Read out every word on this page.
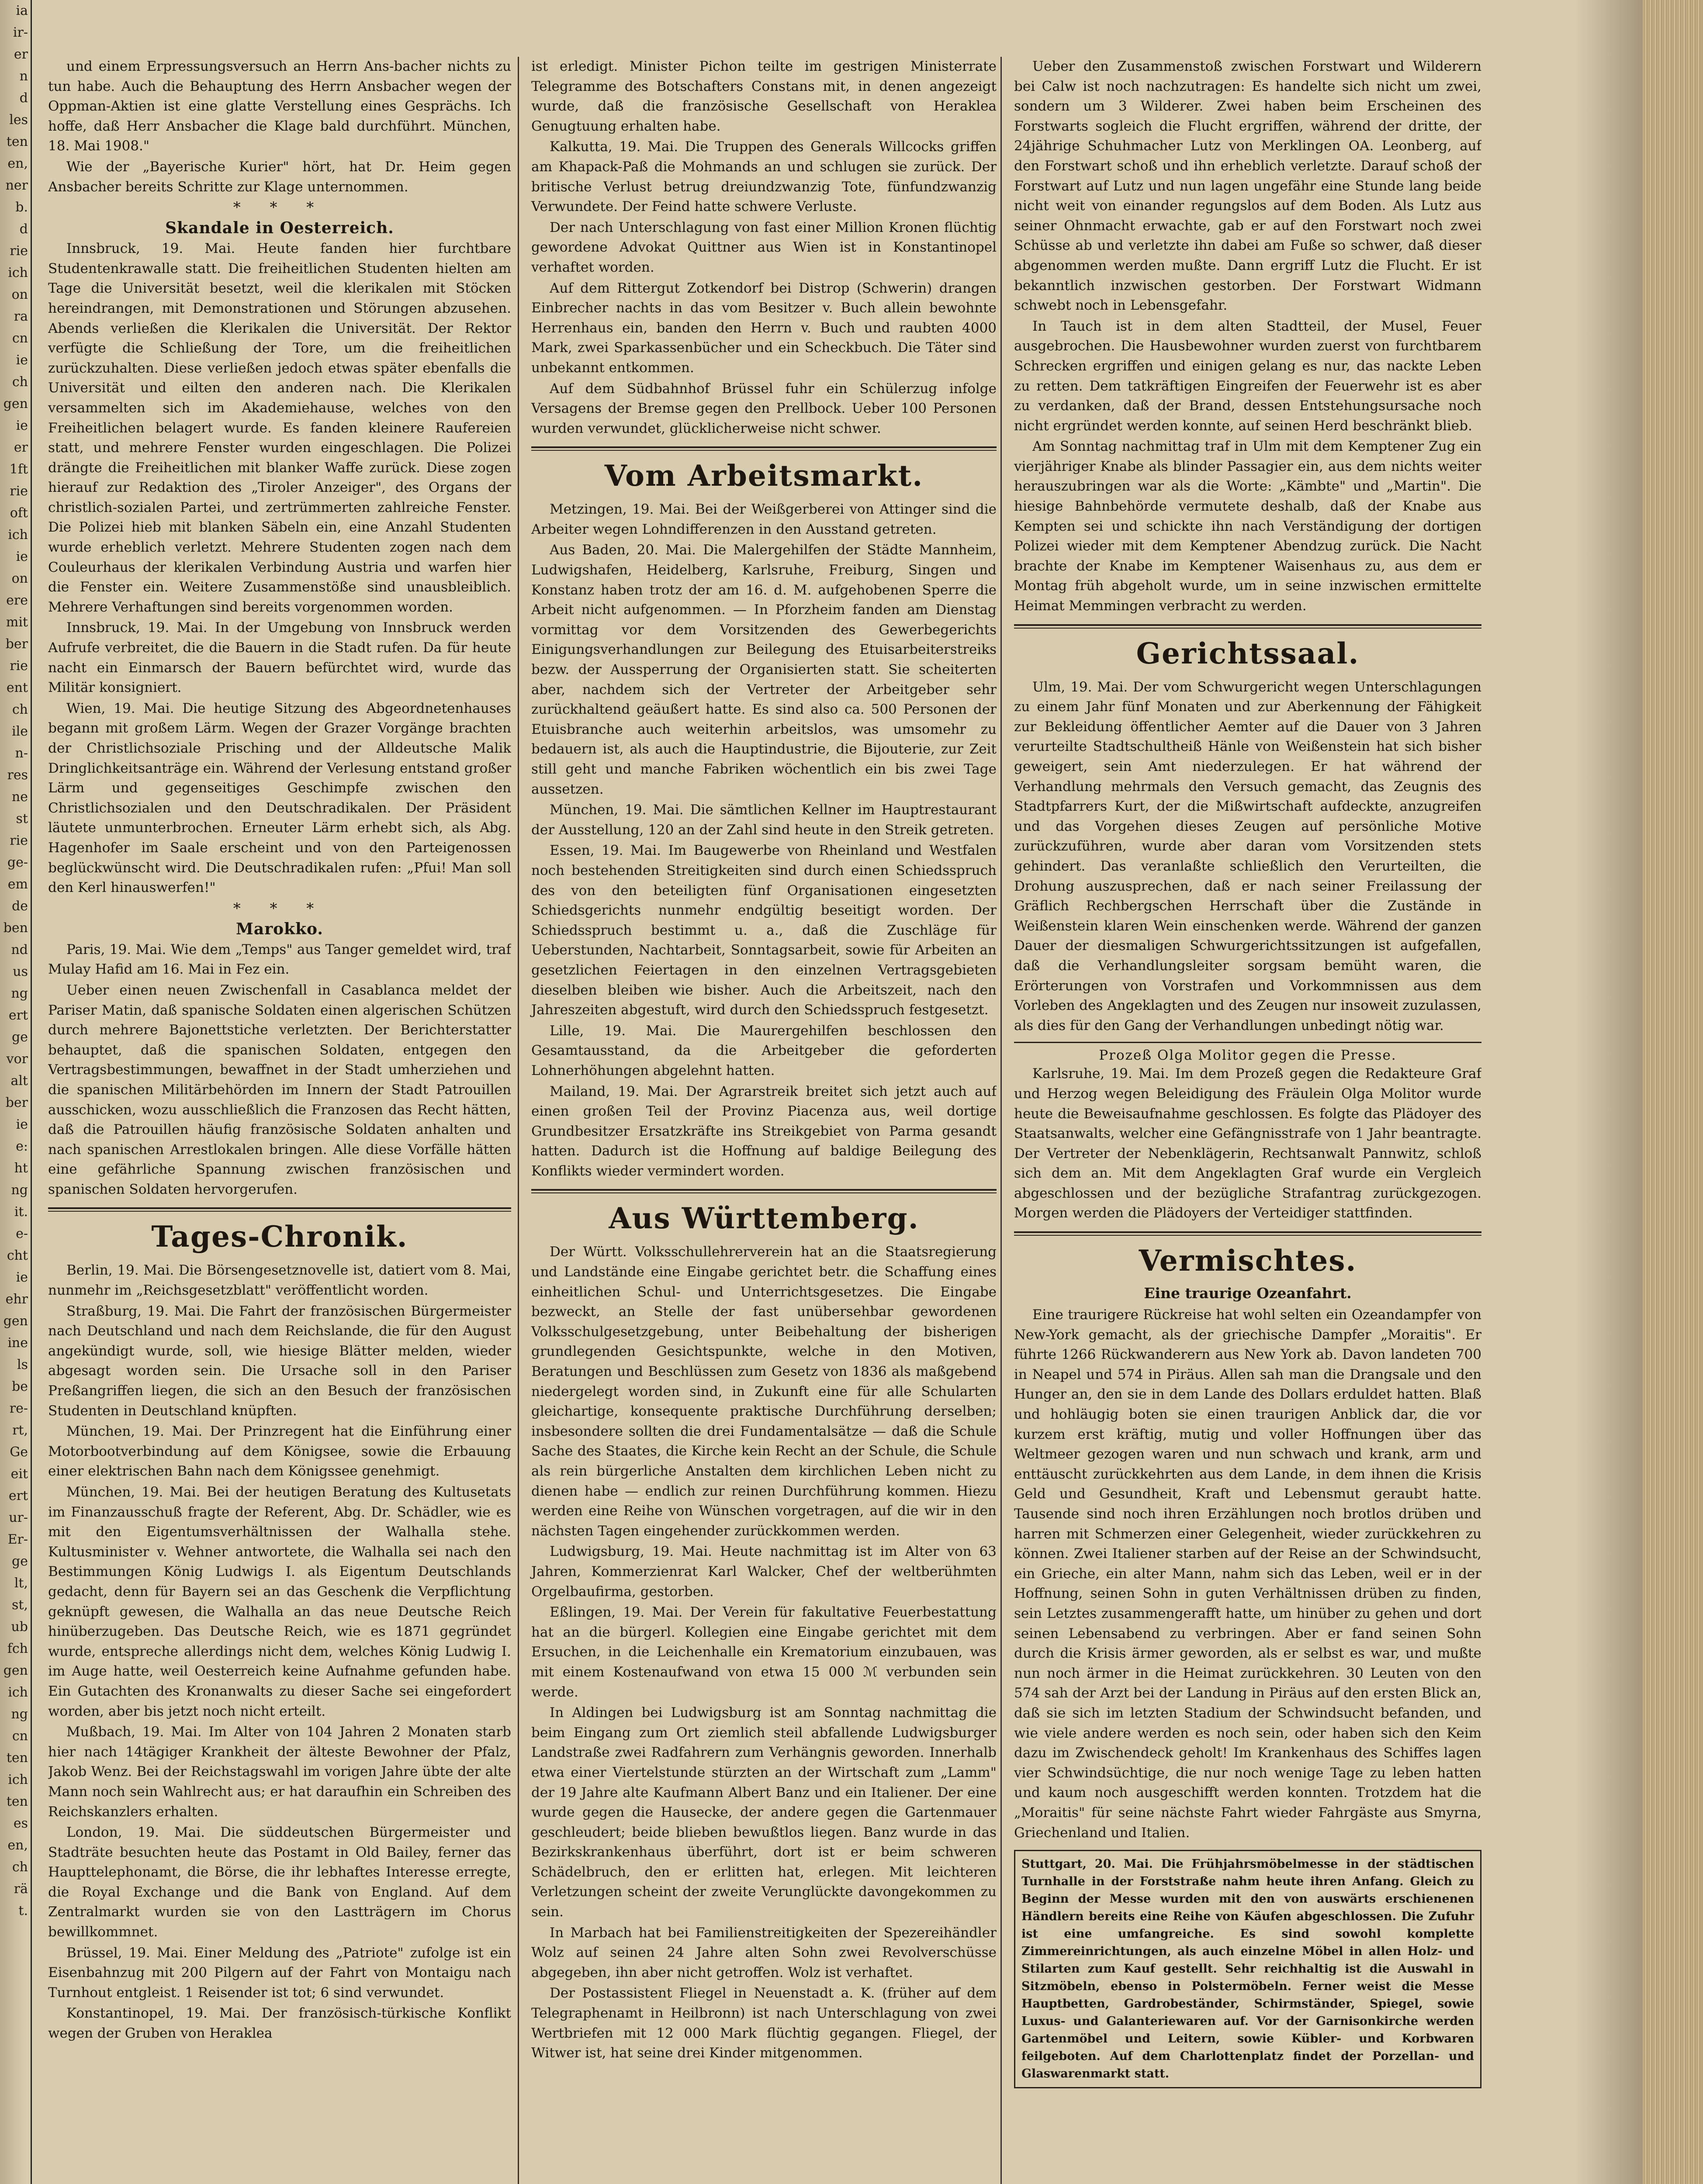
ia

ir-

er

n

d

les

ten

en,

ner

b.

d

rie

ich

on

ra

cn

ie

ch

gen

ie

er

1ft

rie

oft

ich

ie

on

ere

mit

ber

rie

ent

ch

ile

n-

res

ne

st

rie

ge-

em

de

ben

nd

us

ng

ert

ge

vor

alt

ber

ie

e:

ht

ng

it.

e-

cht

ie

ehr

gen

ine

ls

be

re-

rt,

Ge

eit

ert

ur-

Er-

ge

lt,

st,

ub

fch

gen

ich

ng

cn

ten

ich

ten

es

en,

ch

rä

t.

und einem Erpressungsversuch an Herrn Ans-bacher nichts zu tun habe. Auch die Behauptung des Herrn Ansbacher wegen der Oppman-Aktien ist eine glatte Verstellung eines Gesprächs. Ich hoffe, daß Herr Ansbacher die Klage bald durchführt. München, 18. Mai 1908."

Wie der „Bayerische Kurier" hört, hat Dr. Heim gegen Ansbacher bereits Schritte zur Klage unternommen.

* * *
Skandale in Oesterreich.

Innsbruck, 19. Mai. Heute fanden hier furchtbare Studentenkrawalle statt. Die freiheitlichen Studenten hielten am Tage die Universität besetzt, weil die klerikalen mit Stöcken hereindrangen, mit Demonstrationen und Störungen abzusehen. Abends verließen die Klerikalen die Universität. Der Rektor verfügte die Schließung der Tore, um die freiheitlichen zurückzuhalten. Diese verließen jedoch etwas später ebenfalls die Universität und eilten den anderen nach. Die Klerikalen versammelten sich im Akademiehause, welches von den Freiheitlichen belagert wurde. Es fanden kleinere Raufereien statt, und mehrere Fenster wurden eingeschlagen. Die Polizei drängte die Freiheitlichen mit blanker Waffe zurück. Diese zogen hierauf zur Redaktion des „Tiroler Anzeiger", des Organs der christlich-sozialen Partei, und zertrümmerten zahlreiche Fenster. Die Polizei hieb mit blanken Säbeln ein, eine Anzahl Studenten wurde erheblich verletzt. Mehrere Studenten zogen nach dem Couleurhaus der klerikalen Verbindung Austria und warfen hier die Fenster ein. Weitere Zusammenstöße sind unausbleiblich. Mehrere Verhaftungen sind bereits vorgenommen worden.

Innsbruck, 19. Mai. In der Umgebung von Innsbruck werden Aufrufe verbreitet, die die Bauern in die Stadt rufen. Da für heute nacht ein Einmarsch der Bauern befürchtet wird, wurde das Militär konsigniert.

Wien, 19. Mai. Die heutige Sitzung des Abgeordnetenhauses begann mit großem Lärm. Wegen der Grazer Vorgänge brachten der Christlichsoziale Prisching und der Alldeutsche Malik Dringlichkeitsanträge ein. Während der Verlesung entstand großer Lärm und gegenseitiges Geschimpfe zwischen den Christlichsozialen und den Deutschradikalen. Der Präsident läutete unmunterbrochen. Erneuter Lärm erhebt sich, als Abg. Hagenhofer im Saale erscheint und von den Parteigenossen beglückwünscht wird. Die Deutschradikalen rufen: „Pfui! Man soll den Kerl hinauswerfen!"

* * *
Marokko.

Paris, 19. Mai. Wie dem „Temps" aus Tanger gemeldet wird, traf Mulay Hafid am 16. Mai in Fez ein.

Ueber einen neuen Zwischenfall in Casablanca meldet der Pariser Matin, daß spanische Soldaten einen algerischen Schützen durch mehrere Bajonettstiche verletzten. Der Berichterstatter behauptet, daß die spanischen Soldaten, entgegen den Vertragsbestimmungen, bewaffnet in der Stadt umherziehen und die spanischen Militärbehörden im Innern der Stadt Patrouillen ausschicken, wozu ausschließlich die Franzosen das Recht hätten, daß die Patrouillen häufig französische Soldaten anhalten und nach spanischen Arrestlokalen bringen. Alle diese Vorfälle hätten eine gefährliche Spannung zwischen französischen und spanischen Soldaten hervorgerufen.

Tages-Chronik.

Berlin, 19. Mai. Die Börsengesetznovelle ist, datiert vom 8. Mai, nunmehr im „Reichsgesetzblatt" veröffentlicht worden.

Straßburg, 19. Mai. Die Fahrt der französischen Bürgermeister nach Deutschland und nach dem Reichslande, die für den August angekündigt wurde, soll, wie hiesige Blätter melden, wieder abgesagt worden sein. Die Ursache soll in den Pariser Preßangriffen liegen, die sich an den Besuch der französischen Studenten in Deutschland knüpften.

München, 19. Mai. Der Prinzregent hat die Einführung einer Motorbootverbindung auf dem Königsee, sowie die Erbauung einer elektrischen Bahn nach dem Königssee genehmigt.

München, 19. Mai. Bei der heutigen Beratung des Kultusetats im Finanzausschuß fragte der Referent, Abg. Dr. Schädler, wie es mit den Eigentumsverhältnissen der Walhalla stehe. Kultusminister v. Wehner antwortete, die Walhalla sei nach den Bestimmungen König Ludwigs I. als Eigentum Deutschlands gedacht, denn für Bayern sei an das Geschenk die Verpflichtung geknüpft gewesen, die Walhalla an das neue Deutsche Reich hinüberzugeben. Das Deutsche Reich, wie es 1871 gegründet wurde, entspreche allerdings nicht dem, welches König Ludwig I. im Auge hatte, weil Oesterreich keine Aufnahme gefunden habe. Ein Gutachten des Kronanwalts zu dieser Sache sei eingefordert worden, aber bis jetzt noch nicht erteilt.

Mußbach, 19. Mai. Im Alter von 104 Jahren 2 Monaten starb hier nach 14tägiger Krankheit der älteste Bewohner der Pfalz, Jakob Wenz. Bei der Reichstagswahl im vorigen Jahre übte der alte Mann noch sein Wahlrecht aus; er hat daraufhin ein Schreiben des Reichskanzlers erhalten.

London, 19. Mai. Die süddeutschen Bürgermeister und Stadträte besuchten heute das Postamt in Old Bailey, ferner das Haupttelephonamt, die Börse, die ihr lebhaftes Interesse erregte, die Royal Exchange und die Bank von England. Auf dem Zentralmarkt wurden sie von den Lastträgern im Chorus bewillkommnet.

Brüssel, 19. Mai. Einer Meldung des „Patriote" zufolge ist ein Eisenbahnzug mit 200 Pilgern auf der Fahrt von Montaigu nach Turnhout entgleist. 1 Reisender ist tot; 6 sind verwundet.

Konstantinopel, 19. Mai. Der französisch-türkische Konflikt wegen der Gruben von Heraklea

ist erledigt. Minister Pichon teilte im gestrigen Ministerrate Telegramme des Botschafters Constans mit, in denen angezeigt wurde, daß die französische Gesellschaft von Heraklea Genugtuung erhalten habe.

Kalkutta, 19. Mai. Die Truppen des Generals Willcocks griffen am Khapack-Paß die Mohmands an und schlugen sie zurück. Der britische Verlust betrug dreiundzwanzig Tote, fünfundzwanzig Verwundete. Der Feind hatte schwere Verluste.

Der nach Unterschlagung von fast einer Million Kronen flüchtig gewordene Advokat Quittner aus Wien ist in Konstantinopel verhaftet worden.

Auf dem Rittergut Zotkendorf bei Distrop (Schwerin) drangen Einbrecher nachts in das vom Besitzer v. Buch allein bewohnte Herrenhaus ein, banden den Herrn v. Buch und raubten 4000 Mark, zwei Sparkassenbücher und ein Scheckbuch. Die Täter sind unbekannt entkommen.

Auf dem Südbahnhof Brüssel fuhr ein Schülerzug infolge Versagens der Bremse gegen den Prellbock. Ueber 100 Personen wurden verwundet, glücklicherweise nicht schwer.

Vom Arbeitsmarkt.

Metzingen, 19. Mai. Bei der Weißgerberei von Attinger sind die Arbeiter wegen Lohndifferenzen in den Ausstand getreten.

Aus Baden, 20. Mai. Die Malergehilfen der Städte Mannheim, Ludwigshafen, Heidelberg, Karlsruhe, Freiburg, Singen und Konstanz haben trotz der am 16. d. M. aufgehobenen Sperre die Arbeit nicht aufgenommen. — In Pforzheim fanden am Dienstag vormittag vor dem Vorsitzenden des Gewerbegerichts Einigungsverhandlungen zur Beilegung des Etuisarbeiterstreiks bezw. der Aussperrung der Organisierten statt. Sie scheiterten aber, nachdem sich der Vertreter der Arbeitgeber sehr zurückhaltend geäußert hatte. Es sind also ca. 500 Personen der Etuisbranche auch weiterhin arbeitslos, was umsomehr zu bedauern ist, als auch die Hauptindustrie, die Bijouterie, zur Zeit still geht und manche Fabriken wöchentlich ein bis zwei Tage aussetzen.

München, 19. Mai. Die sämtlichen Kellner im Hauptrestaurant der Ausstellung, 120 an der Zahl sind heute in den Streik getreten.

Essen, 19. Mai. Im Baugewerbe von Rheinland und Westfalen noch bestehenden Streitigkeiten sind durch einen Schiedsspruch des von den beteiligten fünf Organisationen eingesetzten Schiedsgerichts nunmehr endgültig beseitigt worden. Der Schiedsspruch bestimmt u. a., daß die Zuschläge für Ueberstunden, Nachtarbeit, Sonntagsarbeit, sowie für Arbeiten an gesetzlichen Feiertagen in den einzelnen Vertragsgebieten dieselben bleiben wie bisher. Auch die Arbeitszeit, nach den Jahreszeiten abgestuft, wird durch den Schiedsspruch festgesetzt.

Lille, 19. Mai. Die Maurergehilfen beschlossen den Gesamtausstand, da die Arbeitgeber die geforderten Lohnerhöhungen abgelehnt hatten.

Mailand, 19. Mai. Der Agrarstreik breitet sich jetzt auch auf einen großen Teil der Provinz Piacenza aus, weil dortige Grundbesitzer Ersatzkräfte ins Streikgebiet von Parma gesandt hatten. Dadurch ist die Hoffnung auf baldige Beilegung des Konflikts wieder vermindert worden.

Aus Württemberg.

Der Württ. Volksschullehrerverein hat an die Staatsregierung und Landstände eine Eingabe gerichtet betr. die Schaffung eines einheitlichen Schul- und Unterrichtsgesetzes. Die Eingabe bezweckt, an Stelle der fast unübersehbar gewordenen Volksschulgesetzgebung, unter Beibehaltung der bisherigen grundlegenden Gesichtspunkte, welche in den Motiven, Beratungen und Beschlüssen zum Gesetz von 1836 als maßgebend niedergelegt worden sind, in Zukunft eine für alle Schularten gleichartige, konsequente praktische Durchführung derselben; insbesondere sollten die drei Fundamentalsätze — daß die Schule Sache des Staates, die Kirche kein Recht an der Schule, die Schule als rein bürgerliche Anstalten dem kirchlichen Leben nicht zu dienen habe — endlich zur reinen Durchführung kommen. Hiezu werden eine Reihe von Wünschen vorgetragen, auf die wir in den nächsten Tagen eingehender zurückkommen werden.

Ludwigsburg, 19. Mai. Heute nachmittag ist im Alter von 63 Jahren, Kommerzienrat Karl Walcker, Chef der weltberühmten Orgelbaufirma, gestorben.

Eßlingen, 19. Mai. Der Verein für fakultative Feuerbestattung hat an die bürgerl. Kollegien eine Eingabe gerichtet mit dem Ersuchen, in die Leichenhalle ein Krematorium einzubauen, was mit einem Kostenaufwand von etwa 15 000 ℳ verbunden sein werde.

In Aldingen bei Ludwigsburg ist am Sonntag nachmittag die beim Eingang zum Ort ziemlich steil abfallende Ludwigsburger Landstraße zwei Radfahrern zum Verhängnis geworden. Innerhalb etwa einer Viertelstunde stürzten an der Wirtschaft zum „Lamm" der 19 Jahre alte Kaufmann Albert Banz und ein Italiener. Der eine wurde gegen die Hausecke, der andere gegen die Gartenmauer geschleudert; beide blieben bewußtlos liegen. Banz wurde in das Bezirkskrankenhaus überführt, dort ist er beim schweren Schädelbruch, den er erlitten hat, erlegen. Mit leichteren Verletzungen scheint der zweite Verunglückte davongekommen zu sein.

In Marbach hat bei Familienstreitigkeiten der Spezereihändler Wolz auf seinen 24 Jahre alten Sohn zwei Revolverschüsse abgegeben, ihn aber nicht getroffen. Wolz ist verhaftet.

Der Postassistent Fliegel in Neuenstadt a. K. (früher auf dem Telegraphenamt in Heilbronn) ist nach Unterschlagung von zwei Wertbriefen mit 12 000 Mark flüchtig gegangen. Fliegel, der Witwer ist, hat seine drei Kinder mitgenommen.

Ueber den Zusammenstoß zwischen Forstwart und Wilderern bei Calw ist noch nachzutragen: Es handelte sich nicht um zwei, sondern um 3 Wilderer. Zwei haben beim Erscheinen des Forstwarts sogleich die Flucht ergriffen, während der dritte, der 24jährige Schuhmacher Lutz von Merklingen OA. Leonberg, auf den Forstwart schoß und ihn erheblich verletzte. Darauf schoß der Forstwart auf Lutz und nun lagen ungefähr eine Stunde lang beide nicht weit von einander regungslos auf dem Boden. Als Lutz aus seiner Ohnmacht erwachte, gab er auf den Forstwart noch zwei Schüsse ab und verletzte ihn dabei am Fuße so schwer, daß dieser abgenommen werden mußte. Dann ergriff Lutz die Flucht. Er ist bekanntlich inzwischen gestorben. Der Forstwart Widmann schwebt noch in Lebensgefahr.

In Tauch ist in dem alten Stadtteil, der Musel, Feuer ausgebrochen. Die Hausbewohner wurden zuerst von furchtbarem Schrecken ergriffen und einigen gelang es nur, das nackte Leben zu retten. Dem tatkräftigen Eingreifen der Feuerwehr ist es aber zu verdanken, daß der Brand, dessen Entstehungsursache noch nicht ergründet werden konnte, auf seinen Herd beschränkt blieb.

Am Sonntag nachmittag traf in Ulm mit dem Kemptener Zug ein vierjähriger Knabe als blinder Passagier ein, aus dem nichts weiter herauszubringen war als die Worte: „Kämbte" und „Martin". Die hiesige Bahnbehörde vermutete deshalb, daß der Knabe aus Kempten sei und schickte ihn nach Verständigung der dortigen Polizei wieder mit dem Kemptener Abendzug zurück. Die Nacht brachte der Knabe im Kemptener Waisenhaus zu, aus dem er Montag früh abgeholt wurde, um in seine inzwischen ermittelte Heimat Memmingen verbracht zu werden.

Gerichtssaal.

Ulm, 19. Mai. Der vom Schwurgericht wegen Unterschlagungen zu einem Jahr fünf Monaten und zur Aberkennung der Fähigkeit zur Bekleidung öffentlicher Aemter auf die Dauer von 3 Jahren verurteilte Stadtschultheiß Hänle von Weißenstein hat sich bisher geweigert, sein Amt niederzulegen. Er hat während der Verhandlung mehrmals den Versuch gemacht, das Zeugnis des Stadtpfarrers Kurt, der die Mißwirtschaft aufdeckte, anzugreifen und das Vorgehen dieses Zeugen auf persönliche Motive zurückzuführen, wurde aber daran vom Vorsitzenden stets gehindert. Das veranlaßte schließlich den Verurteilten, die Drohung auszusprechen, daß er nach seiner Freilassung der Gräflich Rechbergschen Herrschaft über die Zustände in Weißenstein klaren Wein einschenken werde. Während der ganzen Dauer der diesmaligen Schwurgerichtssitzungen ist aufgefallen, daß die Verhandlungsleiter sorgsam bemüht waren, die Erörterungen von Vorstrafen und Vorkommnissen aus dem Vorleben des Angeklagten und des Zeugen nur insoweit zuzulassen, als dies für den Gang der Verhandlungen unbedingt nötig war.

Prozeß Olga Molitor gegen die Presse.

Karlsruhe, 19. Mai. Im dem Prozeß gegen die Redakteure Graf und Herzog wegen Beleidigung des Fräulein Olga Molitor wurde heute die Beweisaufnahme geschlossen. Es folgte das Plädoyer des Staatsanwalts, welcher eine Gefängnisstrafe von 1 Jahr beantragte. Der Vertreter der Nebenklägerin, Rechtsanwalt Pannwitz, schloß sich dem an. Mit dem Angeklagten Graf wurde ein Vergleich abgeschlossen und der bezügliche Strafantrag zurückgezogen. Morgen werden die Plädoyers der Verteidiger stattfinden.

Vermischtes.
Eine traurige Ozeanfahrt.

Eine traurigere Rückreise hat wohl selten ein Ozeandampfer von New-York gemacht, als der griechische Dampfer „Moraitis". Er führte 1266 Rückwanderern aus New York ab. Davon landeten 700 in Neapel und 574 in Piräus. Allen sah man die Drangsale und den Hunger an, den sie in dem Lande des Dollars erduldet hatten. Blaß und hohläugig boten sie einen traurigen Anblick dar, die vor kurzem erst kräftig, mutig und voller Hoffnungen über das Weltmeer gezogen waren und nun schwach und krank, arm und enttäuscht zurückkehrten aus dem Lande, in dem ihnen die Krisis Geld und Gesundheit, Kraft und Lebensmut geraubt hatte. Tausende sind noch ihren Erzählungen noch brotlos drüben und harren mit Schmerzen einer Gelegenheit, wieder zurückkehren zu können. Zwei Italiener starben auf der Reise an der Schwindsucht, ein Grieche, ein alter Mann, nahm sich das Leben, weil er in der Hoffnung, seinen Sohn in guten Verhältnissen drüben zu finden, sein Letztes zusammengerafft hatte, um hinüber zu gehen und dort seinen Lebensabend zu verbringen. Aber er fand seinen Sohn durch die Krisis ärmer geworden, als er selbst es war, und mußte nun noch ärmer in die Heimat zurückkehren. 30 Leuten von den 574 sah der Arzt bei der Landung in Piräus auf den ersten Blick an, daß sie sich im letzten Stadium der Schwindsucht befanden, und wie viele andere werden es noch sein, oder haben sich den Keim dazu im Zwischendeck geholt! Im Krankenhaus des Schiffes lagen vier Schwindsüchtige, die nur noch wenige Tage zu leben hatten und kaum noch ausgeschifft werden konnten. Trotzdem hat die „Moraitis" für seine nächste Fahrt wieder Fahrgäste aus Smyrna, Griechenland und Italien.

Stuttgart, 20. Mai. Die Frühjahrsmöbelmesse in der städtischen Turnhalle in der Forststraße nahm heute ihren Anfang. Gleich zu Beginn der Messe wurden mit den von auswärts erschienenen Händlern bereits eine Reihe von Käufen abgeschlossen. Die Zufuhr ist eine umfangreiche. Es sind sowohl komplette Zimmereinrichtungen, als auch einzelne Möbel in allen Holz- und Stilarten zum Kauf gestellt. Sehr reichhaltig ist die Auswahl in Sitzmöbeln, ebenso in Polstermöbeln. Ferner weist die Messe Hauptbetten, Gardrobeständer, Schirmständer, Spiegel, sowie Luxus- und Galanteriewaren auf. Vor der Garnisonkirche werden Gartenmöbel und Leitern, sowie Kübler- und Korbwaren feilgeboten. Auf dem Charlottenplatz findet der Porzellan- und Glaswarenmarkt statt.
